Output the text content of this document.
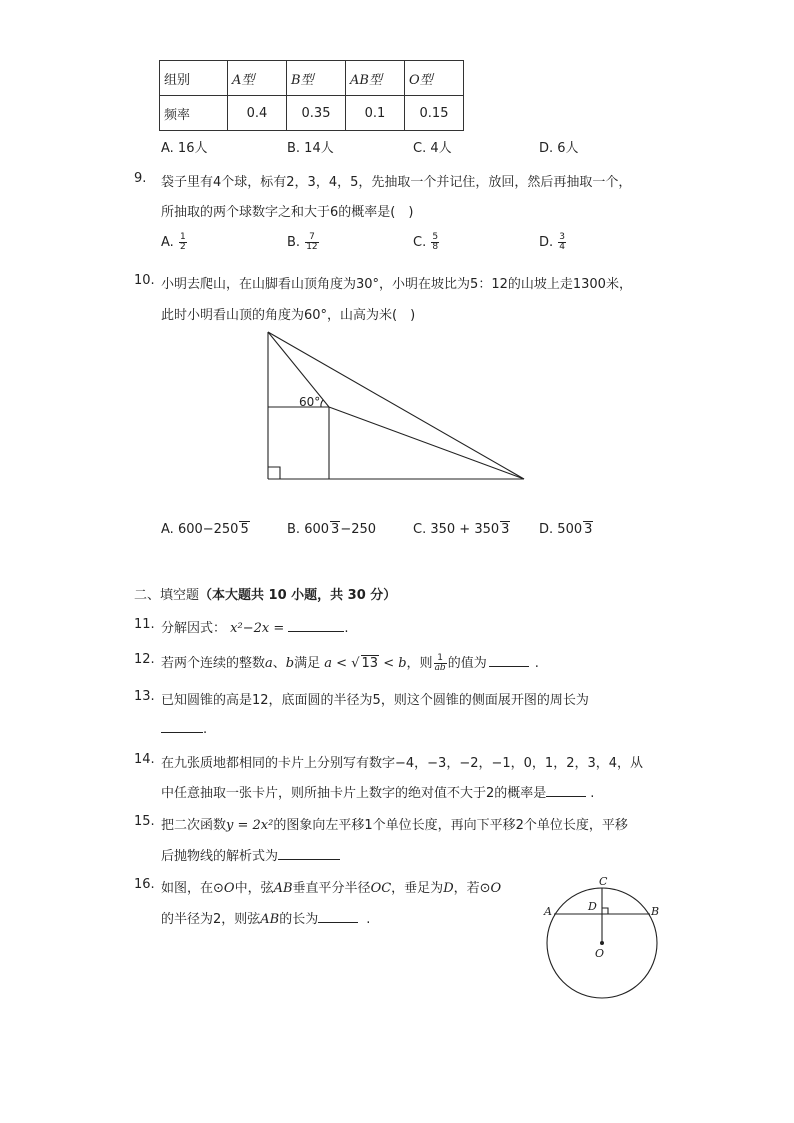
组别	A型	B型	AB型	O型
频率	0.4	0.35	0.1	0.15
A. 16人	B. 14人	C. 4人	D. 6人
9. 袋子里有4个球，标有2，3，4，5，先抽取一个并记住，放回，然后再抽取一个，
所抽取的两个球数字之和大于6的概率是(　)
A. $\frac{1}{2}$	B. $\frac{7}{12}$	C. $\frac{5}{8}$	D. $\frac{3}{4}$
10. 小明去爬山，在山脚看山顶角度为30°，小明在坡比为5：12的山坡上走1300米，
此时小明看山顶的角度为60°，山高为米(　)
60°
A. 600−250 5	B. 600 3−250	C. 350 + 350 3 D. 500 3
二、填空题（本大题共 10 小题，共 30 分）
11. 分解因式： x²−2x =	.
12. 若两个连续的整数a、b满足 a < √ 13 < b，则 $\frac{1}{ab}$ 的值为	.
13. 已知圆锥的高是12，底面圆的半径为5，则这个圆锥的侧面展开图的周长为
.
14. 在九张质地都相同的卡片上分别写有数字−4，−3，−2，−1，0，1，2，3，4，从
中任意抽取一张卡片，则所抽卡片上数字的绝对值不大于2的概率是	.
15. 把二次函数y = 2x²的图象向左平移1个单位长度，再向下平移2个单位长度，平移
后抛物线的解析式为
16. 如图，在⊙O中，弦AB垂直平分半径OC，垂足为D，若⊙O
的半径为2，则弦AB的长为	.
C
A	B
D
O
